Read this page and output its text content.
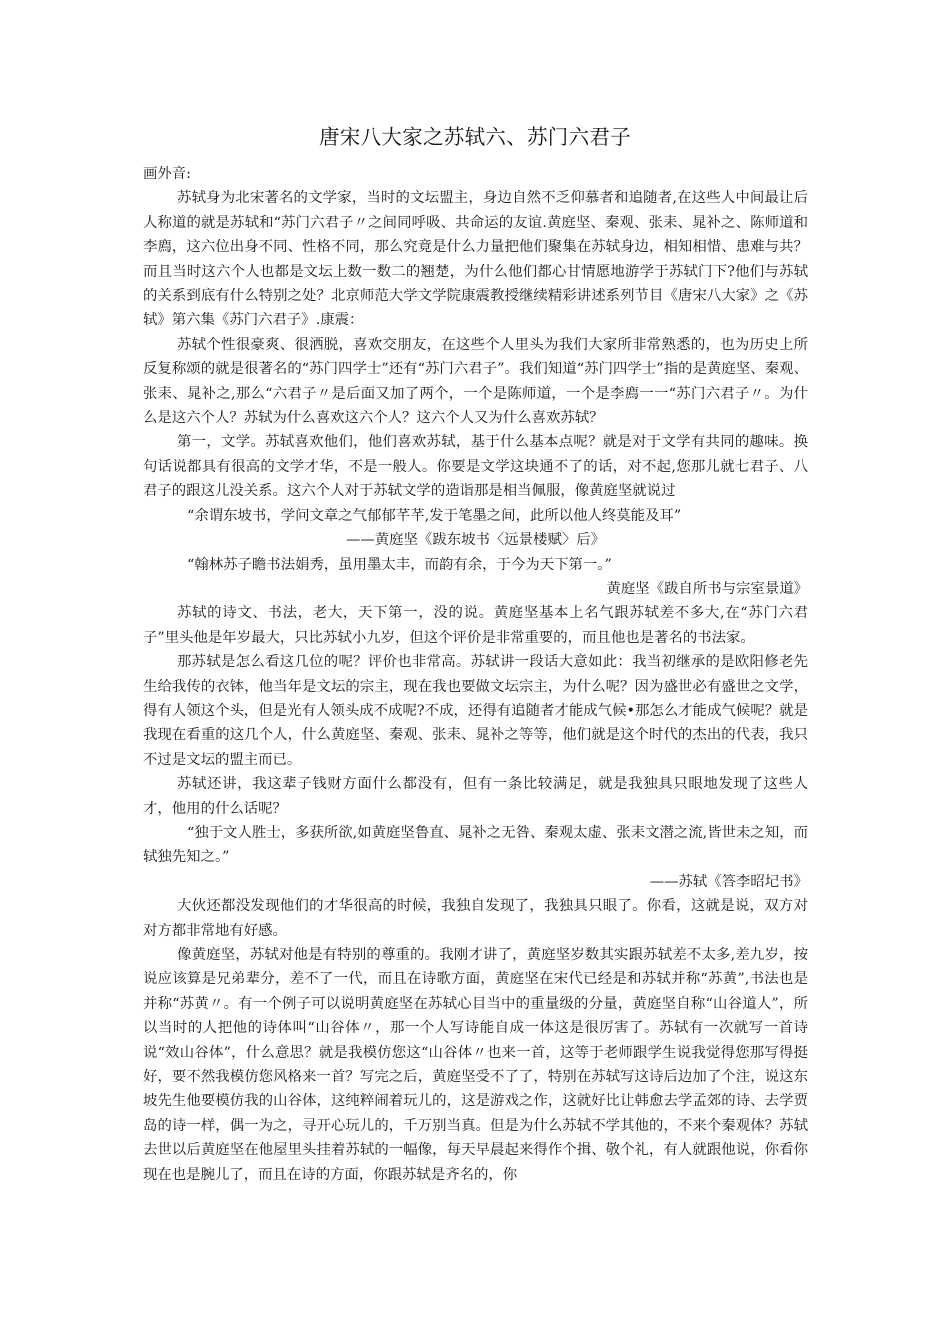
唐宋八大家之苏轼六、苏门六君子

画外音:

苏轼身为北宋著名的文学家，当时的文坛盟主，身边自然不乏仰慕者和追随者,在这些人中间最让后人称道的就是苏轼和“苏门六君子〃之间同呼吸、共命运的友谊.黄庭坚、秦观、张耒、晁补之、陈师道和李廌，这六位出身不同、性格不同，那么究竟是什么力量把他们聚集在苏轼身边，相知相惜、患难与共？而且当时这六个人也都是文坛上数一数二的翘楚，为什么他们都心甘情愿地游学于苏轼门下?他们与苏轼的关系到底有什么特别之处？北京师范大学文学院康震教授继续精彩讲述系列节目《唐宋八大家》之《苏轼》第六集《苏门六君子》.康震：

苏轼个性很豪爽、很洒脱，喜欢交朋友，在这些个人里头为我们大家所非常熟悉的，也为历史上所反复称颂的就是很著名的“苏门四学士”还有“苏门六君子”。我们知道“苏门四学士”指的是黄庭坚、秦观、张耒、晁补之,那么“六君子〃是后面又加了两个，一个是陈师道，一个是李廌一一“苏门六君子〃。为什么是这六个人？苏轼为什么喜欢这六个人？这六个人又为什么喜欢苏轼？

第一，文学。苏轼喜欢他们，他们喜欢苏轼，基于什么基本点呢？就是对于文学有共同的趣味。换句话说都具有很高的文学才华，不是一般人。你要是文学这块通不了的话，对不起,您那儿就七君子、八君子的跟这儿没关系。这六个人对于苏轼文学的造诣那是相当佩服，像黄庭坚就说过

“余谓东坡书，学问文章之气郁郁芊芊,发于笔墨之间，此所以他人终莫能及耳”

——黄庭坚《跋东坡书〈远景楼赋〉后》

“翰林苏子瞻书法娟秀，虽用墨太丰，而韵有余，于今为天下第一。”

黄庭坚《跋自所书与宗室景道》

苏轼的诗文、书法，老大，天下第一，没的说。黄庭坚基本上名气跟苏轼差不多大,在“苏门六君子”里头他是年岁最大，只比苏轼小九岁，但这个评价是非常重要的，而且他也是著名的书法家。

那苏轼是怎么看这几位的呢？评价也非常高。苏轼讲一段话大意如此：我当初继承的是欧阳修老先生给我传的衣钵，他当年是文坛的宗主，现在我也要做文坛宗主，为什么呢？因为盛世必有盛世之文学，得有人领这个头，但是光有人领头成不成呢?不成，还得有追随者才能成气候•那怎么才能成气候呢？就是我现在看重的这几个人，什么黄庭坚、秦观、张耒、晁补之等等，他们就是这个时代的杰出的代表，我只不过是文坛的盟主而已。

苏轼还讲，我这辈子钱财方面什么都没有，但有一条比较满足，就是我独具只眼地发现了这些人才，他用的什么话呢？

“独于文人胜士，多获所欲,如黄庭坚鲁直、晁补之无咎、秦观太虚、张耒文潜之流,皆世未之知，而轼独先知之。”

——苏轼《答李昭圮书》

大伙还都没发现他们的才华很高的时候，我独自发现了，我独具只眼了。你看，这就是说，双方对对方都非常地有好感。

像黄庭坚，苏轼对他是有特别的尊重的。我刚才讲了，黄庭坚岁数其实跟苏轼差不太多,差九岁，按说应该算是兄弟辈分，差不了一代，而且在诗歌方面，黄庭坚在宋代已经是和苏轼并称“苏黄”,书法也是并称“苏黄〃。有一个例子可以说明黄庭坚在苏轼心目当中的重量级的分量，黄庭坚自称“山谷道人”，所以当时的人把他的诗体叫“山谷体〃，那一个人写诗能自成一体这是很厉害了。苏轼有一次就写一首诗说“效山谷体”，什么意思？就是我模仿您这“山谷体〃也来一首，这等于老师跟学生说我觉得您那写得挺好，要不然我模仿您风格来一首？写完之后，黄庭坚受不了了，特别在苏轼写这诗后边加了个注，说这东坡先生他要模仿我的山谷体，这纯粹闹着玩儿的，这是游戏之作，这就好比让韩愈去学孟郊的诗、去学贾岛的诗一样，偶一为之，寻开心玩儿的，千万别当真。但是为什么苏轼不学其他的，不来个秦观体？苏轼去世以后黄庭坚在他屋里头挂着苏轼的一幅像，每天早晨起来得作个揖、敬个礼，有人就跟他说，你看你现在也是腕儿了，而且在诗的方面，你跟苏轼是齐名的，你
